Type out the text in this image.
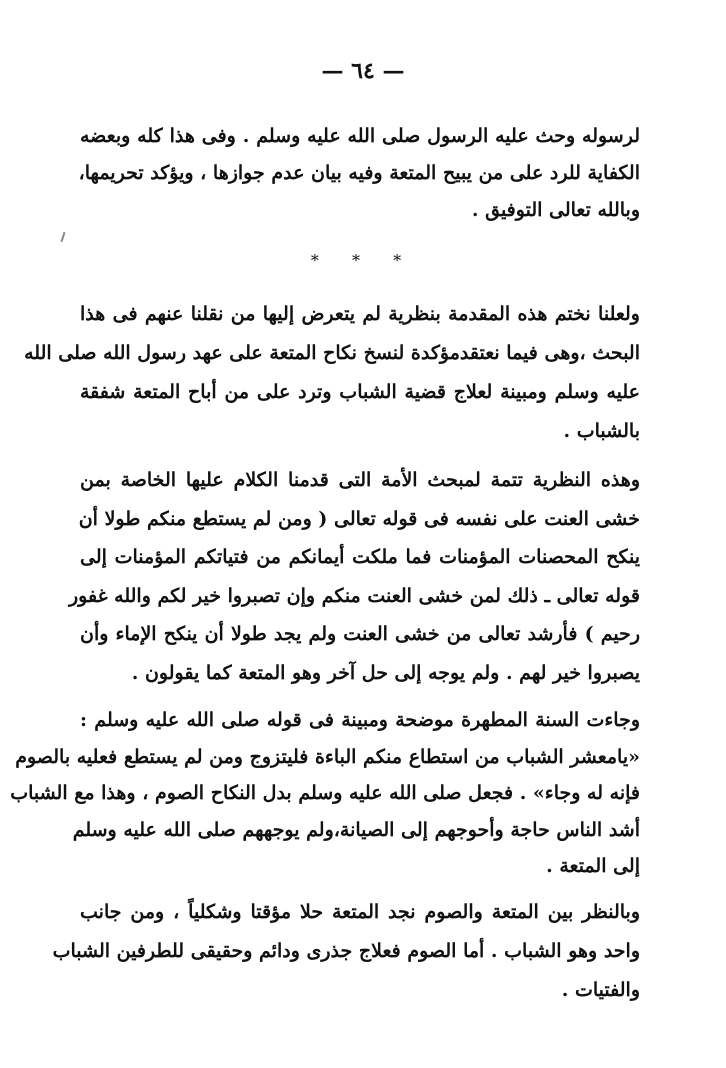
— ٦٤ —
لرسوله وحث عليه الرسول صلى الله عليه وسلم . وفى هذا كله وبعضه
الكفاية للرد على من يبيح المتعة وفيه بيان عدم جوازها ، ويؤكد تحريمها،
وبالله تعالى التوفيق .
* * *
ولعلنا نختم هذه المقدمة بنظرية لم يتعرض إليها من نقلنا عنهم فى هذا
البحث ،وهى فيما نعتقدمؤكدة لنسخ نكاح المتعة على عهد رسول الله صلى الله
عليه وسلم ومبينة لعلاج قضية الشباب وترد على من أباح المتعة شفقة
بالشباب .
وهذه النظرية تتمة لمبحث الأمة التى قدمنا الكلام عليها الخاصة بمن
خشى العنت على نفسه فى قوله تعالى ( ومن لم يستطع منكم طولا أن
ينكح المحصنات المؤمنات فما ملكت أيمانكم من فتياتكم المؤمنات إلى
قوله تعالى ـ ذلك لمن خشى العنت منكم وإن تصبروا خير لكم والله غفور
رحيم ) فأرشد تعالى من خشى العنت ولم يجد طولا أن ينكح الإماء وأن
يصبروا خير لهم . ولم يوجه إلى حل آخر وهو المتعة كما يقولون .
وجاءت السنة المطهرة موضحة ومبينة فى قوله صلى الله عليه وسلم :
«يامعشر الشباب من استطاع منكم الباءة فليتزوج ومن لم يستطع فعليه بالصوم
فإنه له وجاء» . فجعل صلى الله عليه وسلم بدل النكاح الصوم ، وهذا مع الشباب
أشد الناس حاجة وأحوجهم إلى الصيانة،ولم يوجههم صلى الله عليه وسلم
إلى المتعة .
وبالنظر بين المتعة والصوم نجد المتعة حلا مؤقتا وشكلياً ، ومن جانب
واحد وهو الشباب . أما الصوم فعلاج جذرى ودائم وحقيقى للطرفين الشباب
والفتيات .
